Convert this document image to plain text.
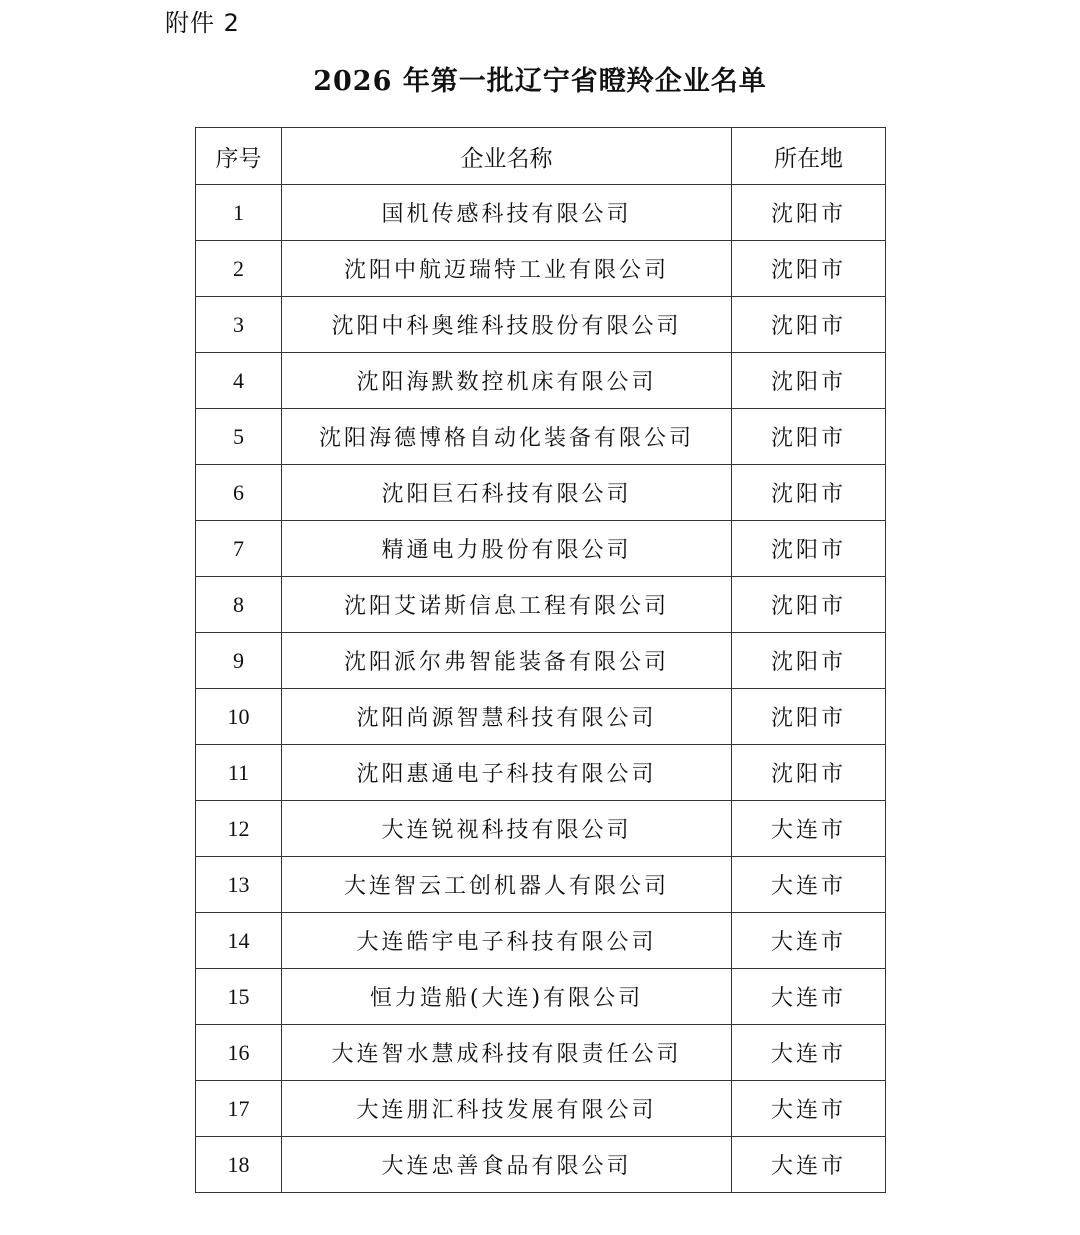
附件 2
2026 年第一批辽宁省瞪羚企业名单
序号	企业名称	所在地
1	国机传感科技有限公司	沈阳市
2	沈阳中航迈瑞特工业有限公司	沈阳市
3	沈阳中科奥维科技股份有限公司	沈阳市
4	沈阳海默数控机床有限公司	沈阳市
5	沈阳海德博格自动化装备有限公司	沈阳市
6	沈阳巨石科技有限公司	沈阳市
7	精通电力股份有限公司	沈阳市
8	沈阳艾诺斯信息工程有限公司	沈阳市
9	沈阳派尔弗智能装备有限公司	沈阳市
10	沈阳尚源智慧科技有限公司	沈阳市
11	沈阳惠通电子科技有限公司	沈阳市
12	大连锐视科技有限公司	大连市
13	大连智云工创机器人有限公司	大连市
14	大连皓宇电子科技有限公司	大连市
15	恒力造船(大连)有限公司	大连市
16	大连智水慧成科技有限责任公司	大连市
17	大连朋汇科技发展有限公司	大连市
18	大连忠善食品有限公司	大连市
